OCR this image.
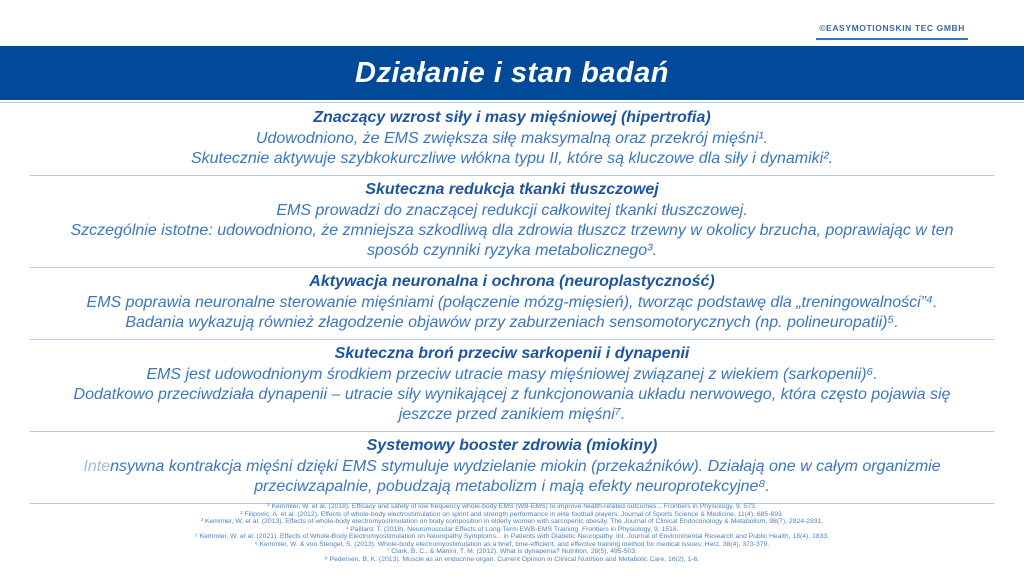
©EASYMOTIONSKIN TEC GMBH
Działanie i stan badań
Znaczący wzrost siły i masy mięśniowej (hipertrofia)

Udowodniono, że EMS zwiększa siłę maksymalną oraz przekrój mięśni¹.

Skutecznie aktywuje szybkokurczliwe włókna typu II, które są kluczowe dla siły i dynamiki².

Skuteczna redukcja tkanki tłuszczowej

EMS prowadzi do znaczącej redukcji całkowitej tkanki tłuszczowej.

Szczególnie istotne: udowodniono, że zmniejsza szkodliwą dla zdrowia tłuszcz trzewny w okolicy brzucha, poprawiając w ten sposób czynniki ryzyka metabolicznego³.

Aktywacja neuronalna i ochrona (neuroplastyczność)

EMS poprawia neuronalne sterowanie mięśniami (połączenie mózg-mięsień), tworząc podstawę dla „treningowalności”⁴.

Badania wykazują również złagodzenie objawów przy zaburzeniach sensomotorycznych (np. polineuropatii)⁵.

Skuteczna broń przeciw sarkopenii i dynapenii

EMS jest udowodnionym środkiem przeciw utracie masy mięśniowej związanej z wiekiem (sarkopenii)⁶.

Dodatkowo przeciwdziała dynapenii – utracie siły wynikającej z funkcjonowania układu nerwowego, która często pojawia się jeszcze przed zanikiem mięśni⁷.

Systemowy booster zdrowia (miokiny)

Intensywna kontrakcja mięśni dzięki EMS stymuluje wydzielanie miokin (przekaźników). Działają one w całym organizmie przeciwzapalnie, pobudzają metabolizm i mają efekty neuroprotekcyjne⁸.

¹ Kemmler, W. et al. (2018). Efficacy and safety of low frequency whole-body EMS (WB-EMS) to improve health-related outcomes... Frontiers in Physiology, 9, 573.
² Filipovic, A. et al. (2012). Effects of whole-body electrostimulation on sprint and strength performance in elite football players. Journal of Sports Science & Medicine, 11(4), 685-693.
³ Kemmler, W. et al. (2013). Effects of whole-body electromyostimulation on body composition in elderly women with sarcopenic obesity. The Journal of Clinical Endocrinology & Metabolism, 98(7), 2924-2931.
⁴ Paillard, T. (2018). Neuromuscular Effects of Long-Term EWB-EMS Training. Frontiers in Physiology, 9, 1516.
⁵ Kemmler, W. et al. (2021). Effects of Whole-Body Electromyostimulation on Neuropathy Symptoms... in Patients with Diabetic Neuropathy. Int. Journal of Environmental Research and Public Health, 18(4), 1833.
⁶ Kemmler, W. & von Stengel, S. (2013). Whole-body electromyostimulation as a brief, time-efficient, and effective training method for medical issues. Herz, 38(4), 373-379.
⁷ Clark, B. C., & Manini, T. M. (2012). What is dynapenia? Nutrition, 28(5), 495-503.
⁸ Pedersen, B. K. (2013). Muscle as an endocrine organ. Current Opinion in Clinical Nutrition and Metabolic Care, 16(2), 1-6.
